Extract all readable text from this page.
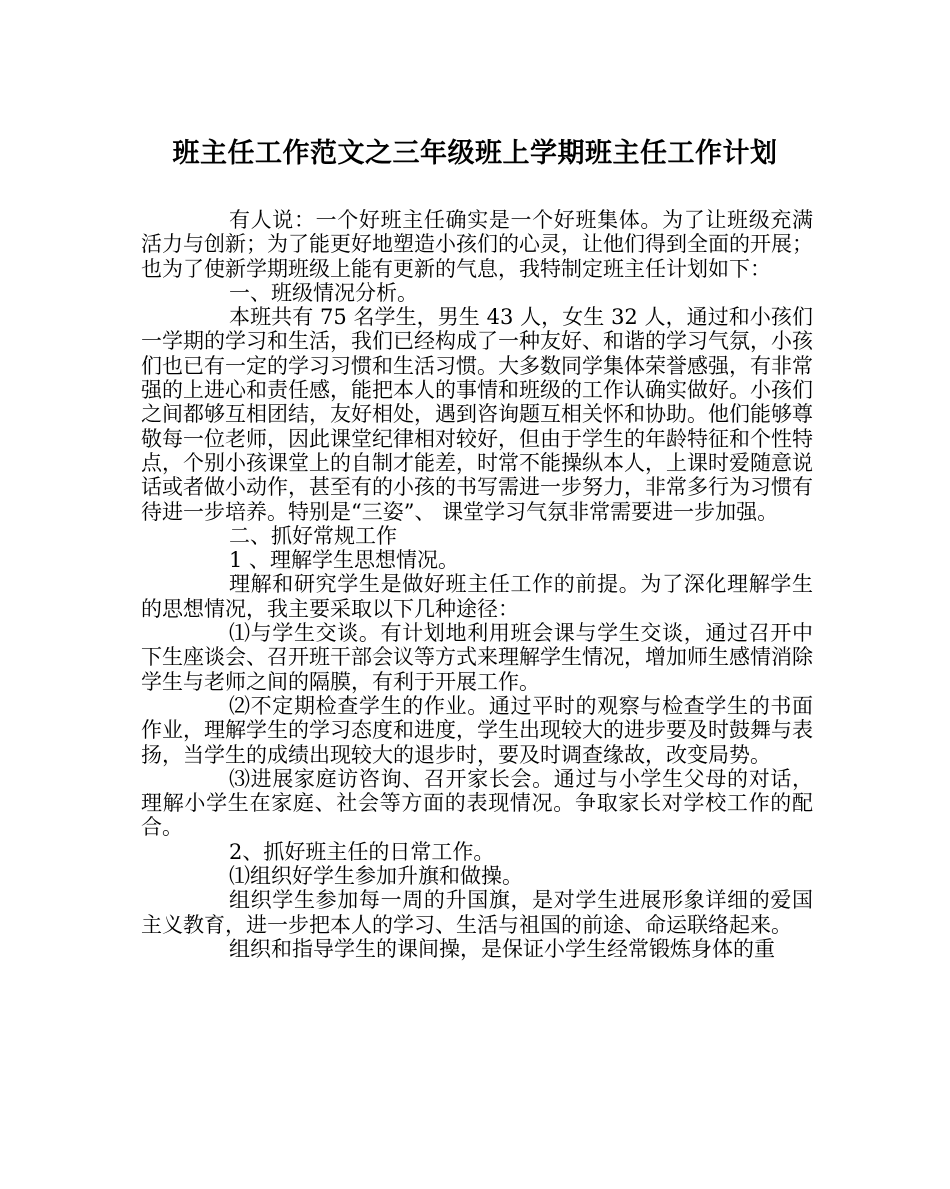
班主任工作范文之三年级班上学期班主任工作计划

有人说：一个好班主任确实是一个好班集体。为了让班级充满活力与创新；为了能更好地塑造小孩们的心灵，让他们得到全面的开展；也为了使新学期班级上能有更新的气息，我特制定班主任计划如下：

一、班级情况分析。

本班共有 75 名学生，男生 43 人，女生 32 人，通过和小孩们一学期的学习和生活，我们已经构成了一种友好、和谐的学习气氛，小孩们也已有一定的学习习惯和生活习惯。大多数同学集体荣誉感强，有非常强的上进心和责任感，能把本人的事情和班级的工作认确实做好。小孩们之间都够互相团结，友好相处，遇到咨询题互相关怀和协助。他们能够尊敬每一位老师，因此课堂纪律相对较好，但由于学生的年龄特征和个性特点，个别小孩课堂上的自制才能差，时常不能操纵本人，上课时爱随意说话或者做小动作，甚至有的小孩的书写需进一步努力，非常多行为习惯有待进一步培养。特别是“三姿”、 课堂学习气氛非常需要进一步加强。

二、抓好常规工作

1 、理解学生思想情况。

理解和研究学生是做好班主任工作的前提。为了深化理解学生的思想情况，我主要采取以下几种途径：

⑴与学生交谈。有计划地利用班会课与学生交谈，通过召开中下生座谈会、召开班干部会议等方式来理解学生情况，增加师生感情消除学生与老师之间的隔膜，有利于开展工作。

⑵不定期检查学生的作业。通过平时的观察与检查学生的书面作业，理解学生的学习态度和进度，学生出现较大的进步要及时鼓舞与表扬，当学生的成绩出现较大的退步时，要及时调查缘故，改变局势。

⑶进展家庭访咨询、召开家长会。通过与小学生父母的对话，理解小学生在家庭、社会等方面的表现情况。争取家长对学校工作的配合。

2、抓好班主任的日常工作。

⑴组织好学生参加升旗和做操。

组织学生参加每一周的升国旗，是对学生进展形象详细的爱国主义教育，进一步把本人的学习、生活与祖国的前途、命运联络起来。

组织和指导学生的课间操，是保证小学生经常锻炼身体的重
